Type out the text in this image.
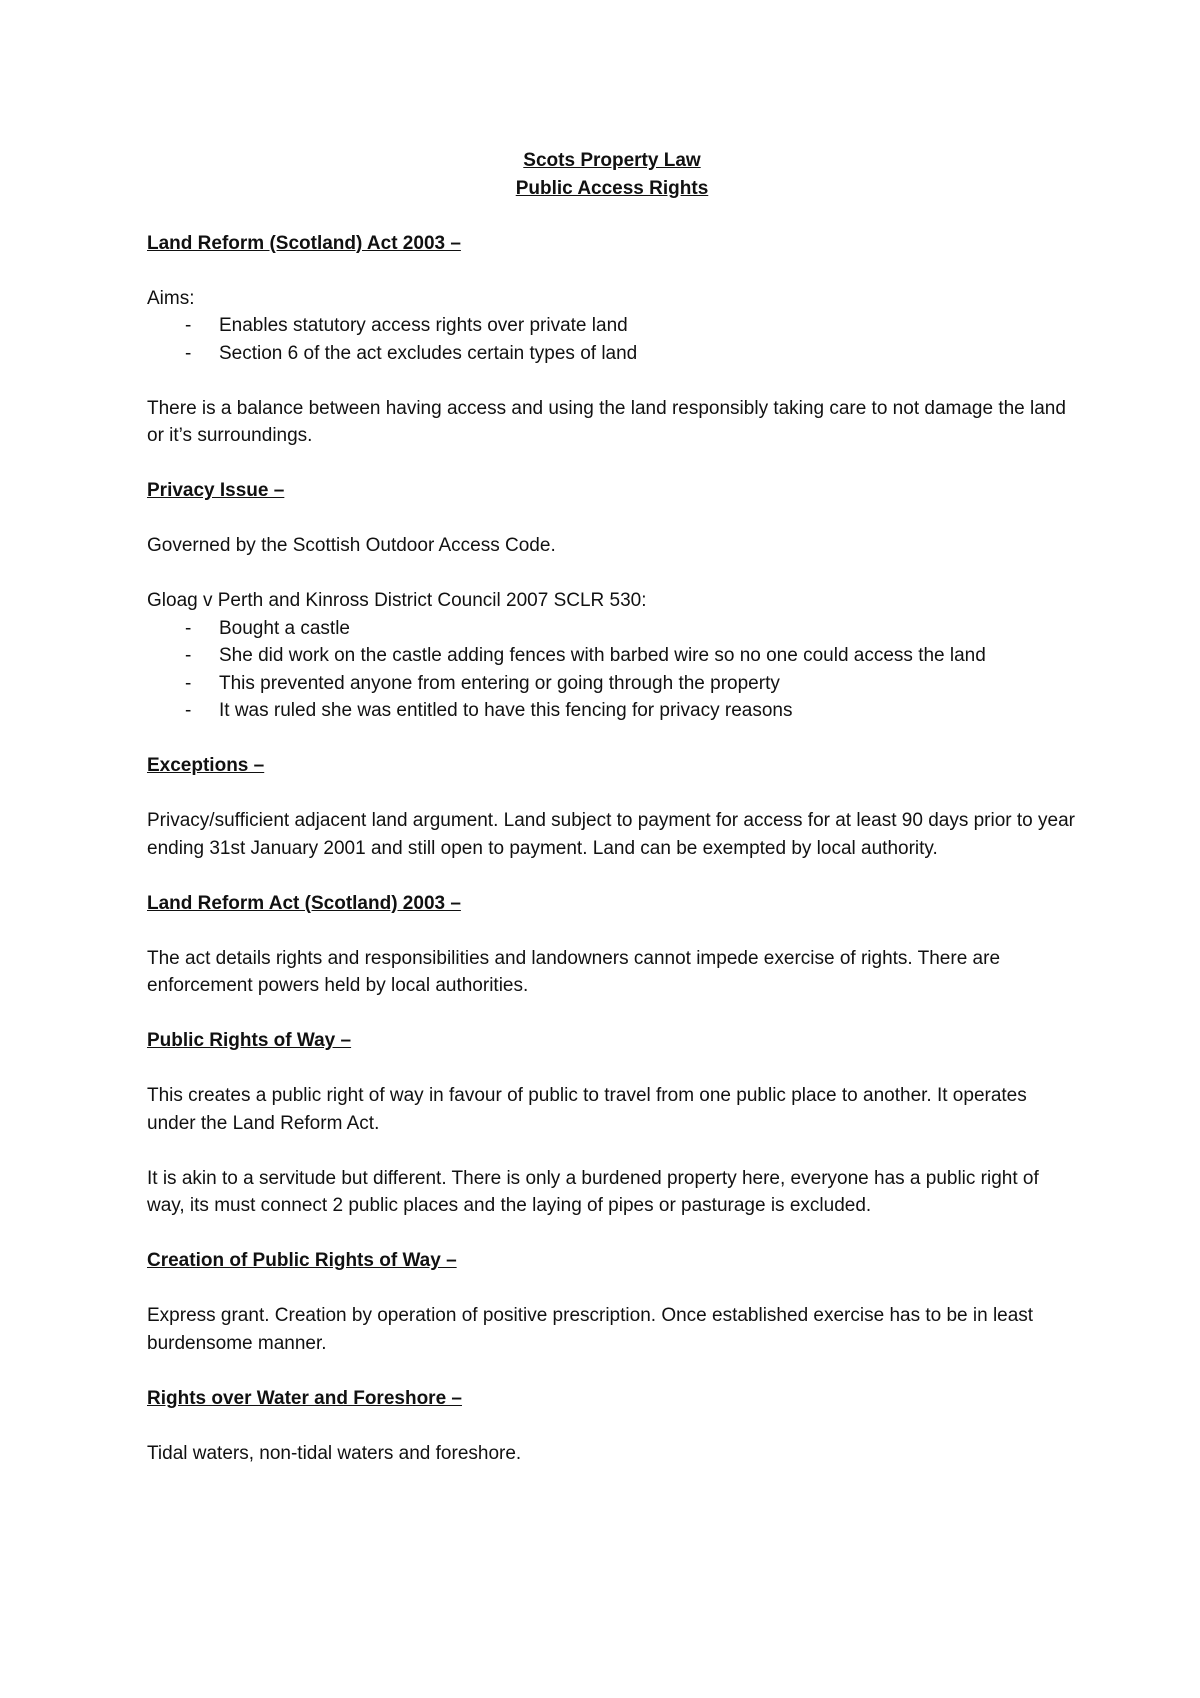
Scots Property Law

Public Access Rights

Land Reform (Scotland) Act 2003 –

Aims:

- Enables statutory access rights over private land
- Section 6 of the act excludes certain types of land

There is a balance between having access and using the land responsibly taking care to not damage the land or it’s surroundings.

Privacy Issue –

Governed by the Scottish Outdoor Access Code.

Gloag v Perth and Kinross District Council 2007 SCLR 530:

- Bought a castle
- She did work on the castle adding fences with barbed wire so no one could access the land
- This prevented anyone from entering or going through the property
- It was ruled she was entitled to have this fencing for privacy reasons

Exceptions –

Privacy/sufficient adjacent land argument. Land subject to payment for access for at least 90 days prior to year ending 31st January 2001 and still open to payment. Land can be exempted by local authority.

Land Reform Act (Scotland) 2003 –

The act details rights and responsibilities and landowners cannot impede exercise of rights. There are enforcement powers held by local authorities.

Public Rights of Way –

This creates a public right of way in favour of public to travel from one public place to another. It operates under the Land Reform Act.

It is akin to a servitude but different. There is only a burdened property here, everyone has a public right of way, its must connect 2 public places and the laying of pipes or pasturage is excluded.

Creation of Public Rights of Way –

Express grant. Creation by operation of positive prescription. Once established exercise has to be in least burdensome manner.

Rights over Water and Foreshore –

Tidal waters, non-tidal waters and foreshore.
